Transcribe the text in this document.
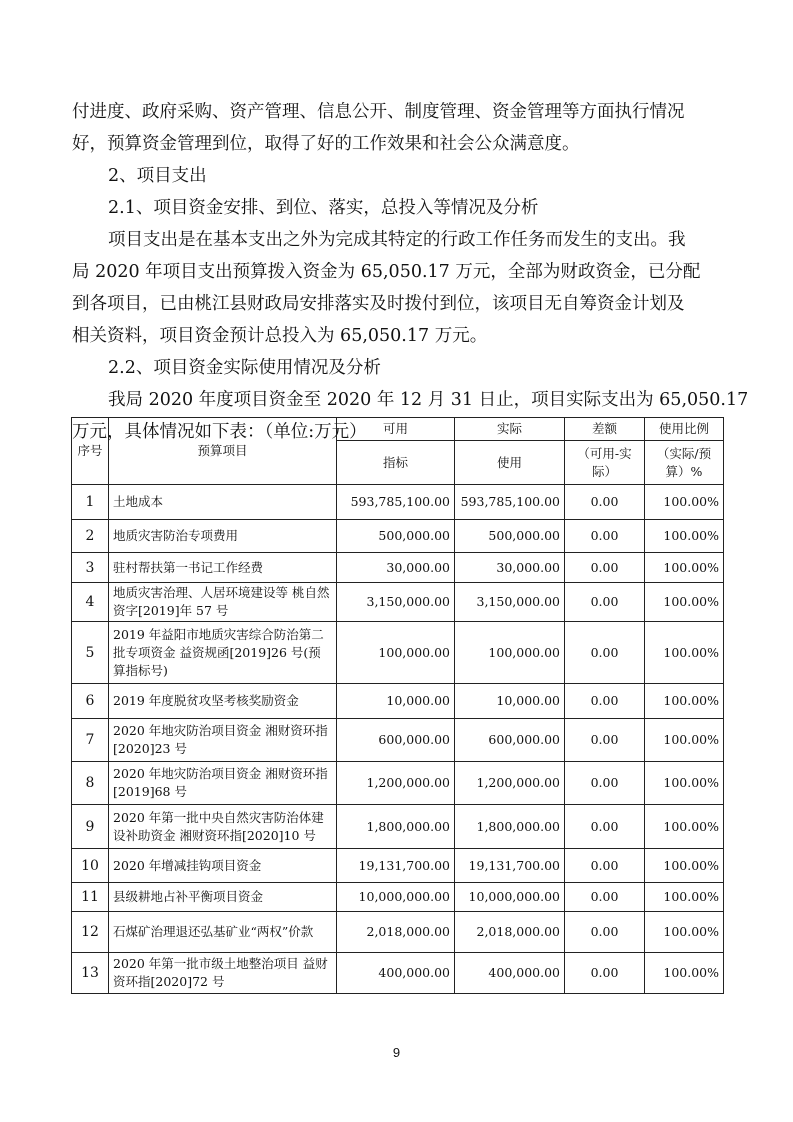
付进度、政府采购、资产管理、信息公开、制度管理、资金管理等方面执行情况
好，预算资金管理到位，取得了好的工作效果和社会公众满意度。
2、项目支出
2.1、项目资金安排、到位、落实，总投入等情况及分析
项目支出是在基本支出之外为完成其特定的行政工作任务而发生的支出。我
局 2020 年项目支出预算拨入资金为 65,050.17 万元，全部为财政资金，已分配
到各项目，已由桃江县财政局安排落实及时拨付到位，该项目无自筹资金计划及
相关资料，项目资金预计总投入为 65,050.17 万元。
2.2、项目资金实际使用情况及分析
我局 2020 年度项目资金至 2020 年 12 月 31 日止，项目实际支出为 65,050.17
万元，具体情况如下表：（单位:万元）
序号	预算项目	可用	实际	差额	使用比例
		指标	使用	（可用-实际）	（实际/预算）%
1	土地成本	593,785,100.00	593,785,100.00	0.00	100.00%
2	地质灾害防治专项费用	500,000.00	500,000.00	0.00	100.00%
3	驻村帮扶第一书记工作经费	30,000.00	30,000.00	0.00	100.00%
4	地质灾害治理、人居环境建设等 桃自然资字[2019]年 57 号	3,150,000.00	3,150,000.00	0.00	100.00%
5	2019 年益阳市地质灾害综合防治第二批专项资金 益资规函[2019]26 号(预算指标号)	100,000.00	100,000.00	0.00	100.00%
6	2019 年度脱贫攻坚考核奖励资金	10,000.00	10,000.00	0.00	100.00%
7	2020 年地灾防治项目资金 湘财资环指[2020]23 号	600,000.00	600,000.00	0.00	100.00%
8	2020 年地灾防治项目资金 湘财资环指[2019]68 号	1,200,000.00	1,200,000.00	0.00	100.00%
9	2020 年第一批中央自然灾害防治体建设补助资金 湘财资环指[2020]10 号	1,800,000.00	1,800,000.00	0.00	100.00%
10	2020 年增减挂钩项目资金	19,131,700.00	19,131,700.00	0.00	100.00%
11	县级耕地占补平衡项目资金	10,000,000.00	10,000,000.00	0.00	100.00%
12	石煤矿治理退还弘基矿业“两权”价款	2,018,000.00	2,018,000.00	0.00	100.00%
13	2020 年第一批市级土地整治项目 益财资环指[2020]72 号	400,000.00	400,000.00	0.00	100.00%
9
